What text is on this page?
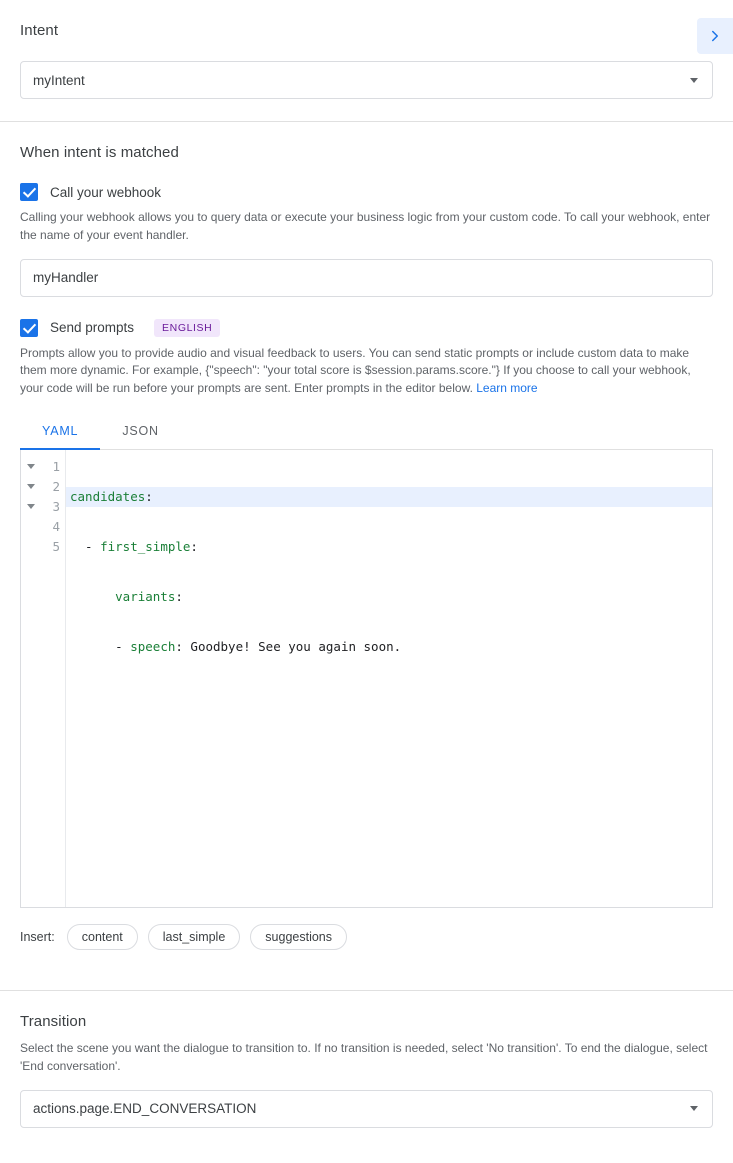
Intent
myIntent
When intent is matched
Call your webhook

Calling your webhook allows you to query data or execute your business logic from your custom code. To call your webhook, enter the name of your event handler.

myHandler
Send prompts	ENGLISH

Prompts allow you to provide audio and visual feedback to users. You can send static prompts or include custom data to make them more dynamic. For example, {"speech": "your total score is $session.params.score."} If you choose to call your webhook, your code will be run before your prompts are sent. Enter prompts in the editor below. Learn more

YAML	JSON
1
2
3
4
5

candidates:

- first_simple:

variants:

- speech: Goodbye! See you again soon.

Insert:	content	last_simple	suggestions
Transition

Select the scene you want the dialogue to transition to. If no transition is needed, select 'No transition'. To end the dialogue, select 'End conversation'.

actions.page.END_CONVERSATION
